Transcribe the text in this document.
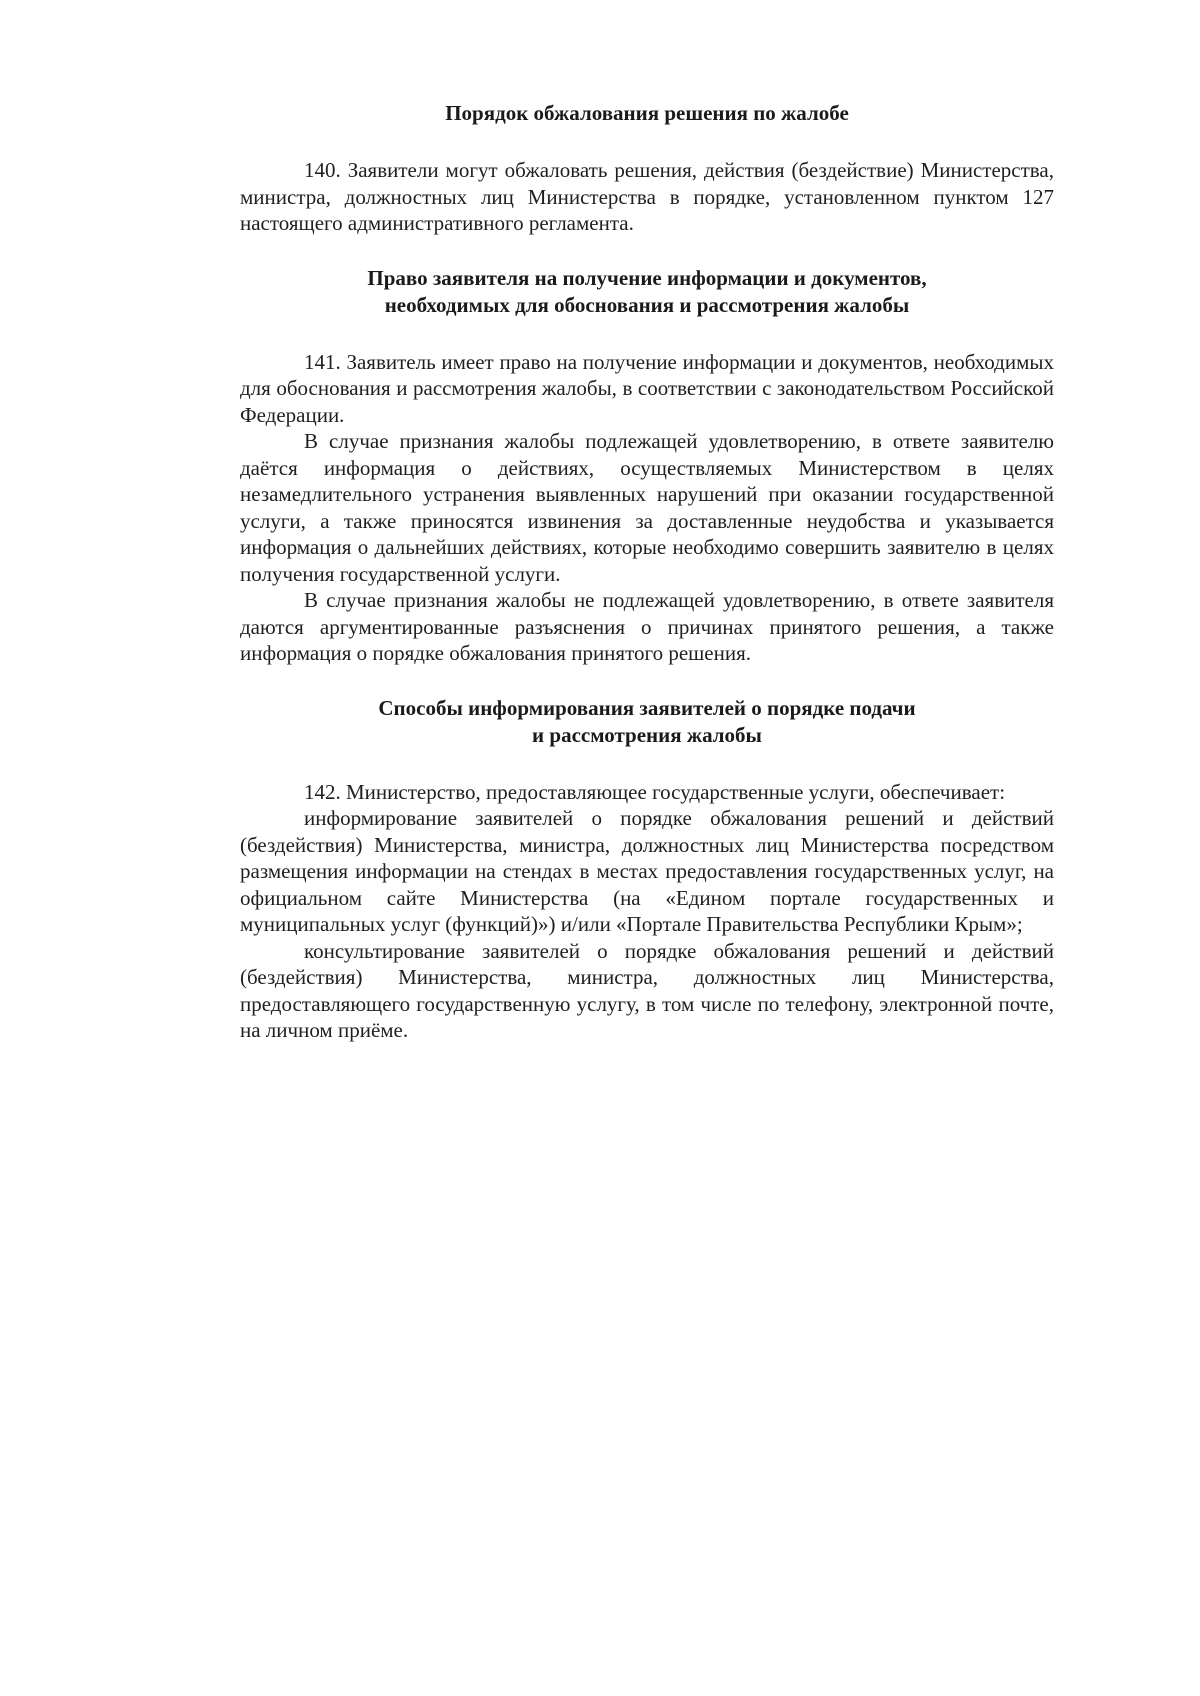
Порядок обжалования решения по жалобе

140. Заявители могут обжаловать решения, действия (бездействие) Министерства, министра, должностных лиц Министерства в порядке, установленном пунктом 127 настоящего административного регламента.

Право заявителя на получение информации и документов,
необходимых для обоснования и рассмотрения жалобы

141. Заявитель имеет право на получение информации и документов, необходимых для обоснования и рассмотрения жалобы, в соответствии с законодательством Российской Федерации.

В случае признания жалобы подлежащей удовлетворению, в ответе заявителю даётся информация о действиях, осуществляемых Министерством в целях незамедлительного устранения выявленных нарушений при оказании государственной услуги, а также приносятся извинения за доставленные неудобства и указывается информация о дальнейших действиях, которые необходимо совершить заявителю в целях получения государственной услуги.

В случае признания жалобы не подлежащей удовлетворению, в ответе заявителя даются аргументированные разъяснения о причинах принятого решения, а также информация о порядке обжалования принятого решения.

Способы информирования заявителей о порядке подачи
и рассмотрения жалобы

142. Министерство, предоставляющее государственные услуги, обеспечивает:

информирование заявителей о порядке обжалования решений и действий (бездействия) Министерства, министра, должностных лиц Министерства посредством размещения информации на стендах в местах предоставления государственных услуг, на официальном сайте Министерства (на «Едином портале государственных и муниципальных услуг (функций)») и/или «Портале Правительства Республики Крым»;

консультирование заявителей о порядке обжалования решений и действий (бездействия) Министерства, министра, должностных лиц Министерства, предоставляющего государственную услугу, в том числе по телефону, электронной почте, на личном приёме.
